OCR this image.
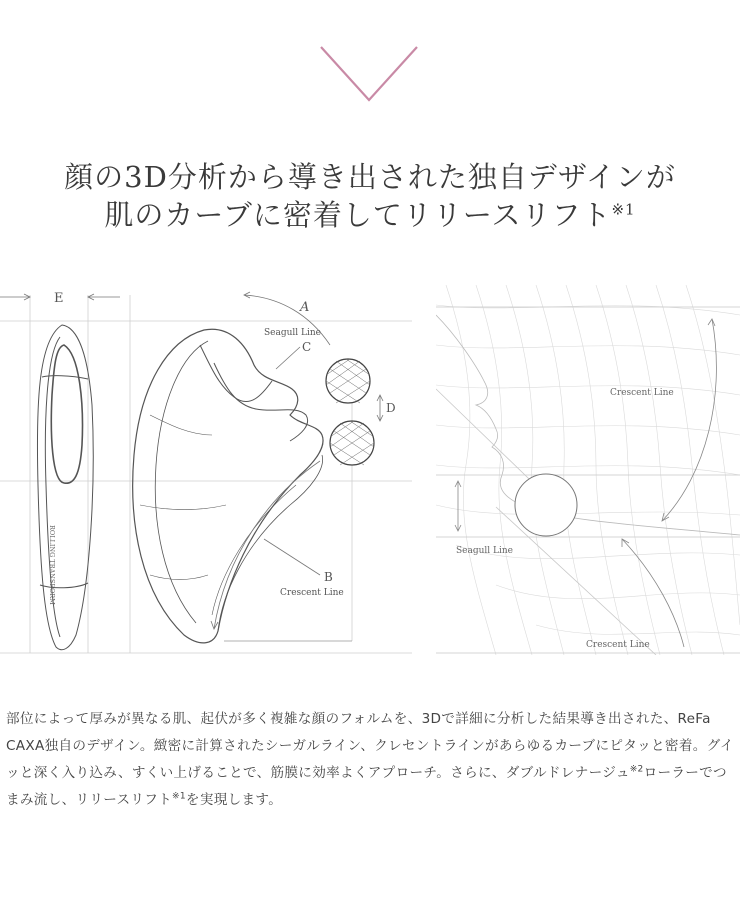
顔の3D分析から導き出された独自デザインが
肌のカーブに密着してリリースリフト$^{※1}$
E
ROLLING TRANSFORM
A
Seagull Line
C
D
B
Crescent Line
Crescent Line
Seagull Line
Crescent Line
部位によって厚みが異なる肌、起伏が多く複雑な顔のフォルムを、3Dで詳細に分析した結果導き出された、ReFa CAXA独自のデザイン。緻密に計算されたシーガルライン、クレセントラインがあらゆるカーブにピタッと密着。グイッと深く入り込み、すくい上げることで、筋膜に効率よくアプローチ。さらに、ダブルドレナージュ$^{※2}$ローラーでつまみ流し、リリースリフト$^{※1}$を実現します。
